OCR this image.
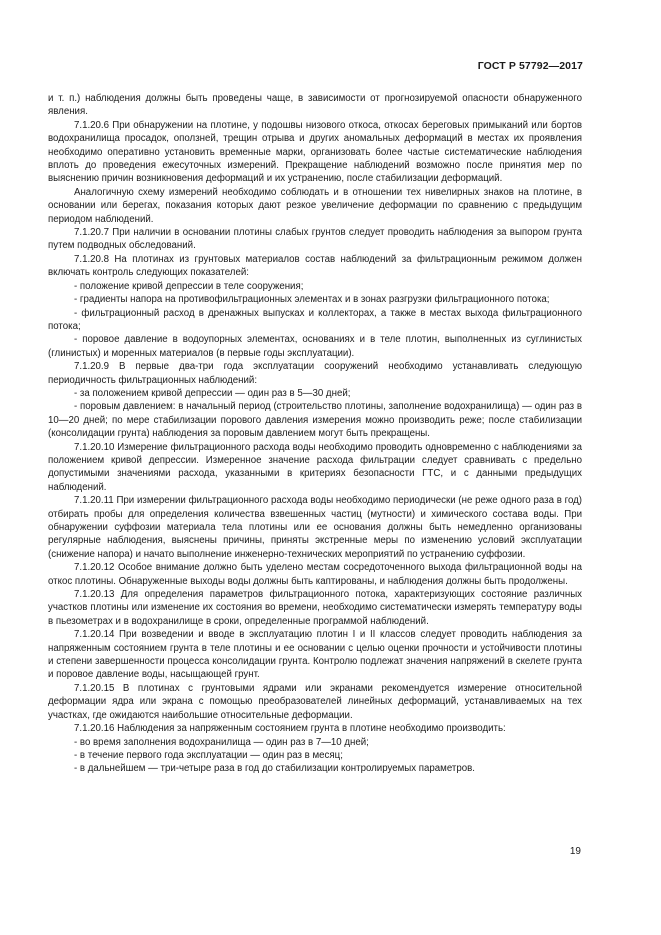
ГОСТ Р 57792—2017

и т. п.) наблюдения должны быть проведены чаще, в зависимости от прогнозируемой опасности обнаруженного явления.

7.1.20.6 При обнаружении на плотине, у подошвы низового откоса, откосах береговых примыканий или бортов водохранилища просадок, оползней, трещин отрыва и других аномальных деформаций в местах их проявления необходимо оперативно установить временные марки, организовать более частые систематические наблюдения вплоть до проведения ежесуточных измерений. Прекращение наблюдений возможно после принятия мер по выяснению причин возникновения деформаций и их устранению, после стабилизации деформаций.

Аналогичную схему измерений необходимо соблюдать и в отношении тех нивелирных знаков на плотине, в основании или берегах, показания которых дают резкое увеличение деформации по сравнению с предыдущим периодом наблюдений.

7.1.20.7 При наличии в основании плотины слабых грунтов следует проводить наблюдения за выпором грунта путем подводных обследований.

7.1.20.8 На плотинах из грунтовых материалов состав наблюдений за фильтрационным режимом должен включать контроль следующих показателей:

- положение кривой депрессии в теле сооружения;

- градиенты напора на противофильтрационных элементах и в зонах разгрузки фильтрационного потока;

- фильтрационный расход в дренажных выпусках и коллекторах, а также в местах выхода фильтрационного потока;

- поровое давление в водоупорных элементах, основаниях и в теле плотин, выполненных из суглинистых (глинистых) и моренных материалов (в первые годы эксплуатации).

7.1.20.9 В первые два-три года эксплуатации сооружений необходимо устанавливать следующую периодичность фильтрационных наблюдений:

- за положением кривой депрессии — один раз в 5—30 дней;

- поровым давлением: в начальный период (строительство плотины, заполнение водохранилища) — один раз в 10—20 дней; по мере стабилизации порового давления измерения можно производить реже; после стабилизации (консолидации грунта) наблюдения за поровым давлением могут быть прекращены.

7.1.20.10 Измерение фильтрационного расхода воды необходимо проводить одновременно с наблюдениями за положением кривой депрессии. Измеренное значение расхода фильтрации следует сравнивать с предельно допустимыми значениями расхода, указанными в критериях безопасности ГТС, и с данными предыдущих наблюдений.

7.1.20.11 При измерении фильтрационного расхода воды необходимо периодически (не реже одного раза в год) отбирать пробы для определения количества взвешенных частиц (мутности) и химического состава воды. При обнаружении суффозии материала тела плотины или ее основания должны быть немедленно организованы регулярные наблюдения, выяснены причины, приняты экстренные меры по изменению условий эксплуатации (снижение напора) и начато выполнение инженерно-технических мероприятий по устранению суффозии.

7.1.20.12 Особое внимание должно быть уделено местам сосредоточенного выхода фильтрационной воды на откос плотины. Обнаруженные выходы воды должны быть каптированы, и наблюдения должны быть продолжены.

7.1.20.13 Для определения параметров фильтрационного потока, характеризующих состояние различных участков плотины или изменение их состояния во времени, необходимо систематически измерять температуру воды в пьезометрах и в водохранилище в сроки, определенные программой наблюдений.

7.1.20.14 При возведении и вводе в эксплуатацию плотин I и II классов следует проводить наблюдения за напряженным состоянием грунта в теле плотины и ее основании с целью оценки прочности и устойчивости плотины и степени завершенности процесса консолидации грунта. Контролю подлежат значения напряжений в скелете грунта и поровое давление воды, насыщающей грунт.

7.1.20.15 В плотинах с грунтовыми ядрами или экранами рекомендуется измерение относительной деформации ядра или экрана с помощью преобразователей линейных деформаций, устанавливаемых на тех участках, где ожидаются наибольшие относительные деформации.

7.1.20.16 Наблюдения за напряженным состоянием грунта в плотине необходимо производить:

- во время заполнения водохранилища — один раз в 7—10 дней;

- в течение первого года эксплуатации — один раз в месяц;

- в дальнейшем — три-четыре раза в год до стабилизации контролируемых параметров.

19
